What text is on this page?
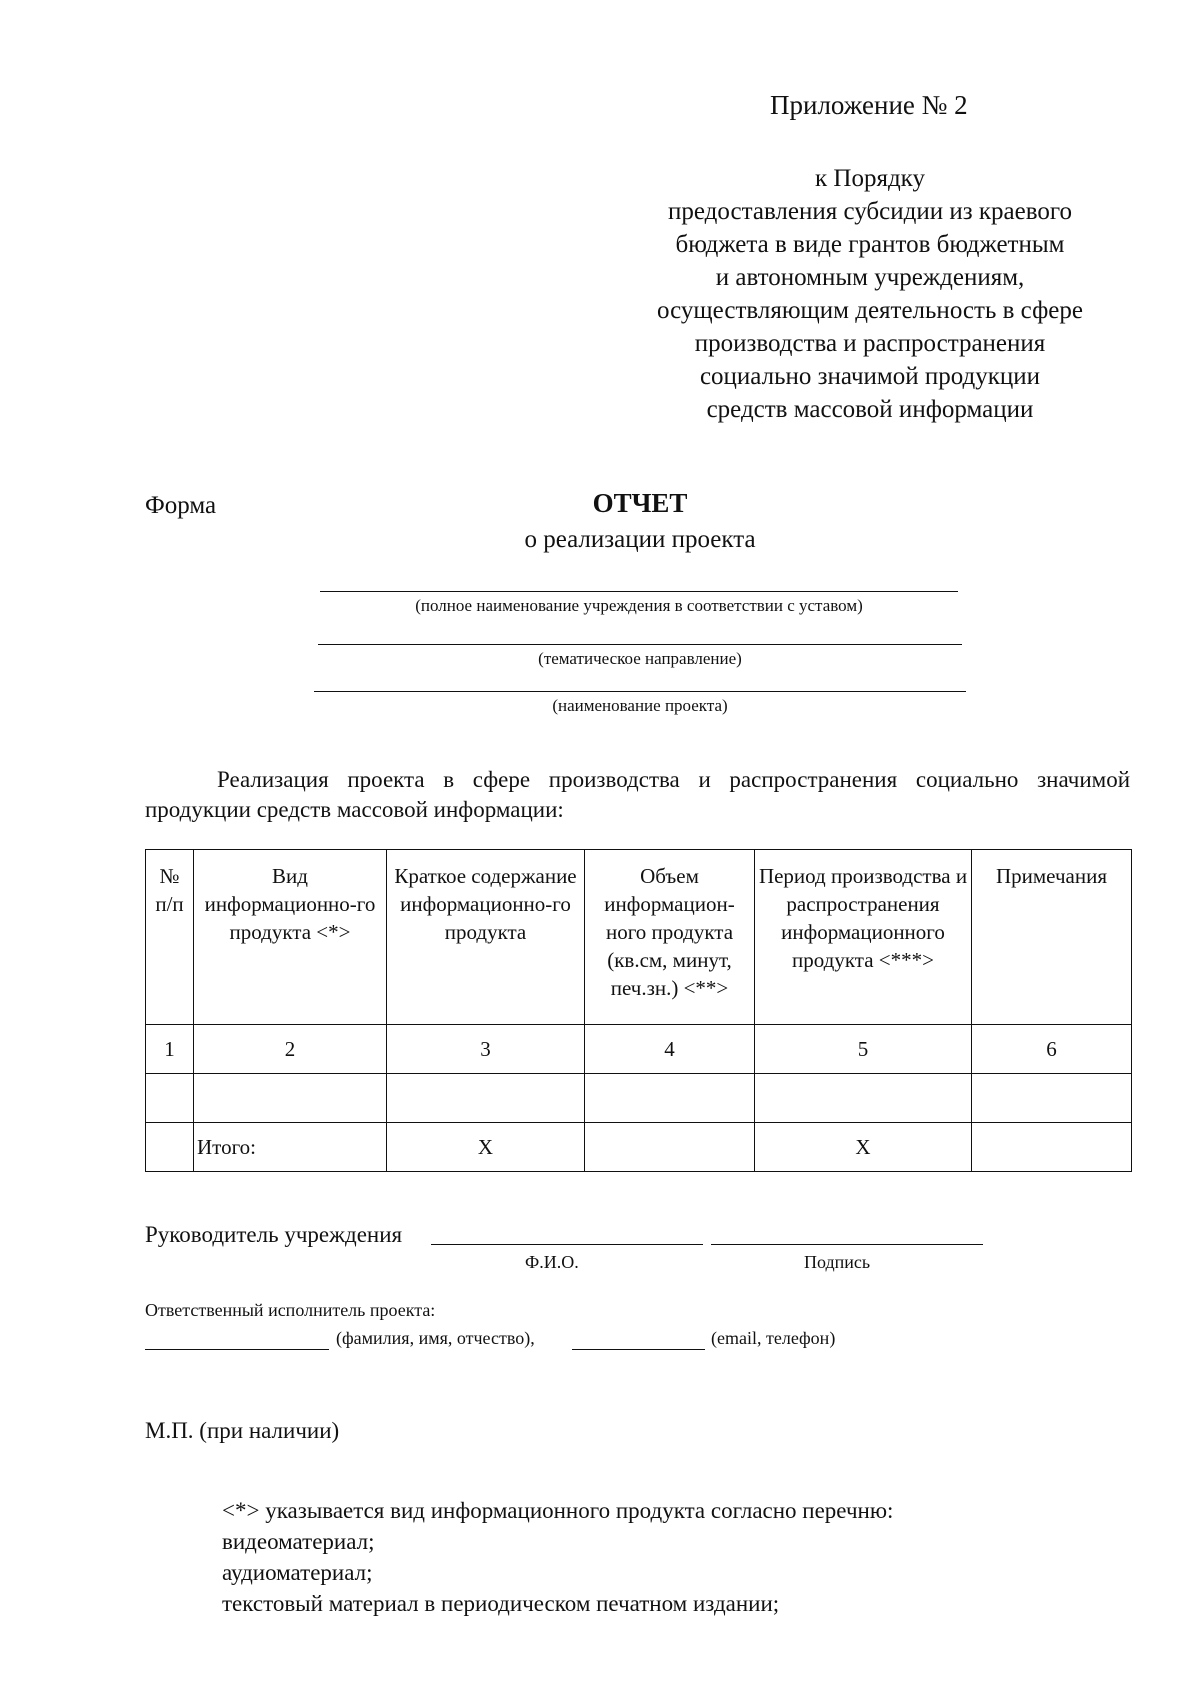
Приложение № 2
к Порядку
предоставления субсидии из краевого
бюджета в виде грантов бюджетным
и автономным учреждениям,
осуществляющим деятельность в сфере
производства и распространения
социально значимой продукции
средств массовой информации
Форма	ОТЧЕТ
о реализации проекта
(полное наименование учреждения в соответствии с уставом)
(тематическое направление)
(наименование проекта)
Реализация проекта в сфере производства и распространения социально значимой продукции средств массовой информации:
№ п/п	Вид информационно-го продукта <*>	Краткое содержание информационно-го продукта	Объем информацион-ного продукта (кв.см, минут, печ.зн.) <**>	Период производства и распространения информационного продукта <***>	Примечания
1	2	3	4	5	6

	Итого:	X		X	
Руководитель учреждения
Ф.И.О.	Подпись
Ответственный исполнитель проекта:
(фамилия, имя, отчество),	(email, телефон)
М.П. (при наличии)
<*> указывается вид информационного продукта согласно перечню:
видеоматериал;
аудиоматериал;
текстовый материал в периодическом печатном издании;
